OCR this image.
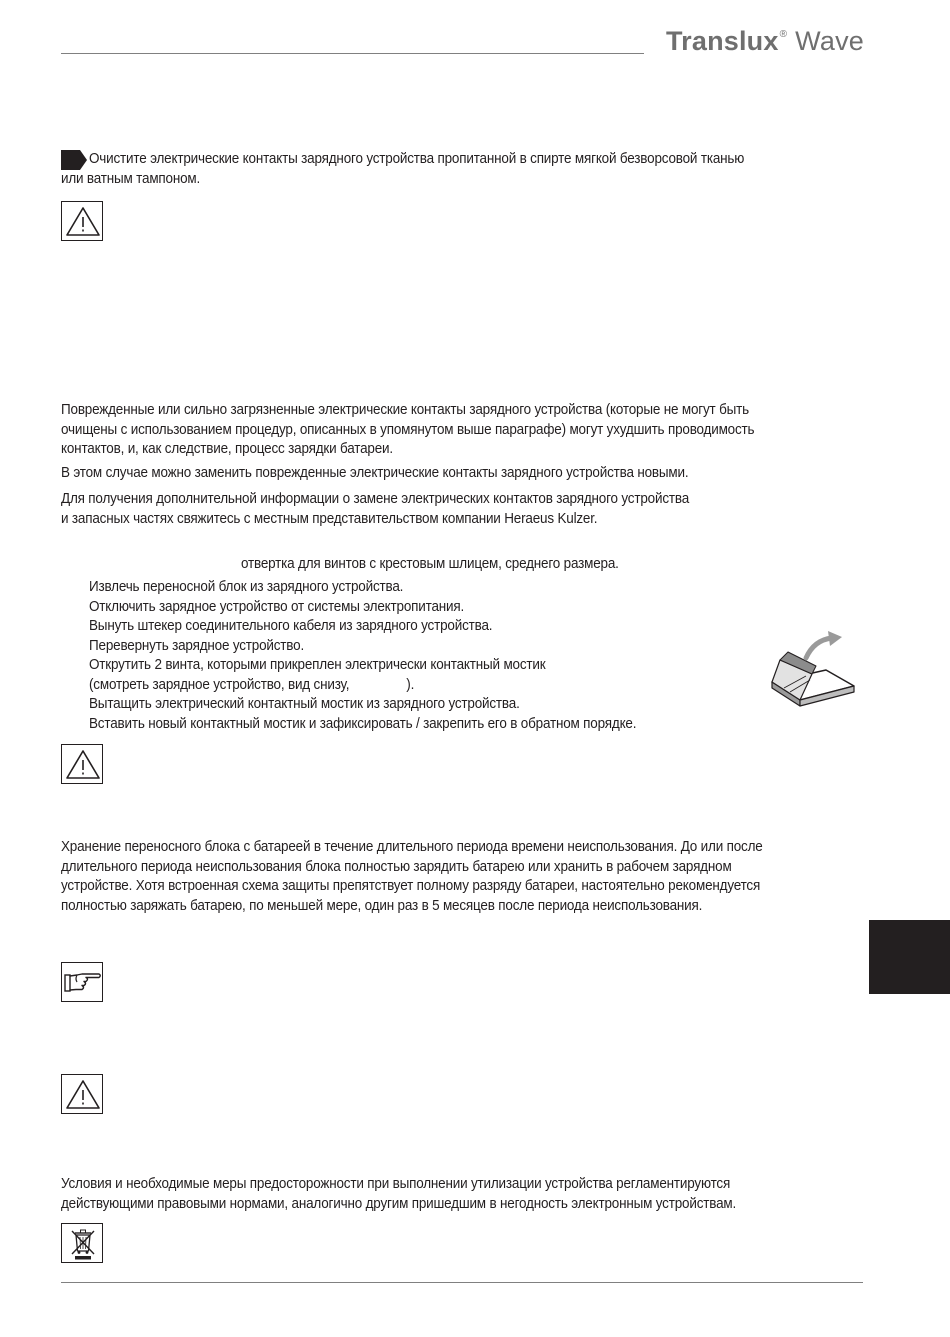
Translux® Wave
Очистите электрические контакты зарядного устройства пропитанной в спирте мягкой безворсовой тканью
или ватным тампоном.
Поврежденные или сильно загрязненные электрические контакты зарядного устройства (которые не могут быть
очищены с использованием процедур, описанных в упомянутом выше параграфе) могут ухудшить проводимость
контактов, и, как следствие, процесс зарядки батареи.
В этом случае можно заменить поврежденные электрические контакты зарядного устройства новыми.
Для получения дополнительной информации о замене электрических контактов зарядного устройства
и запасных частях свяжитесь с местным представительством компании Heraeus Kulzer.
отвертка для винтов с крестовым шлицем, среднего размера.
Извлечь переносной блок из зарядного устройства.
Отключить зарядное устройство от системы электропитания.
Вынуть штекер соединительного кабеля из зарядного устройства.
Перевернуть зарядное устройство.
Открутить 2 винта, которыми прикреплен электрически контактный мостик
(смотреть зарядное устройство, вид снизу,                ).
Вытащить электрический контактный мостик из зарядного устройства.
Вставить новый контактный мостик и зафиксировать / закрепить его в обратном порядке.
Хранение переносного блока с батареей в течение длительного периода времени неиспользования. До или после
длительного периода неиспользования блока полностью зарядить батарею или хранить в рабочем зарядном
устройстве. Хотя встроенная схема защиты препятствует полному разряду батареи, настоятельно рекомендуется
полностью заряжать батарею, по меньшей мере, один раз в 5 месяцев после периода неиспользования.
Условия и необходимые меры предосторожности при выполнении утилизации устройства регламентируются
действующими правовыми нормами, аналогично другим пришедшим в негодность электронным устройствам.
